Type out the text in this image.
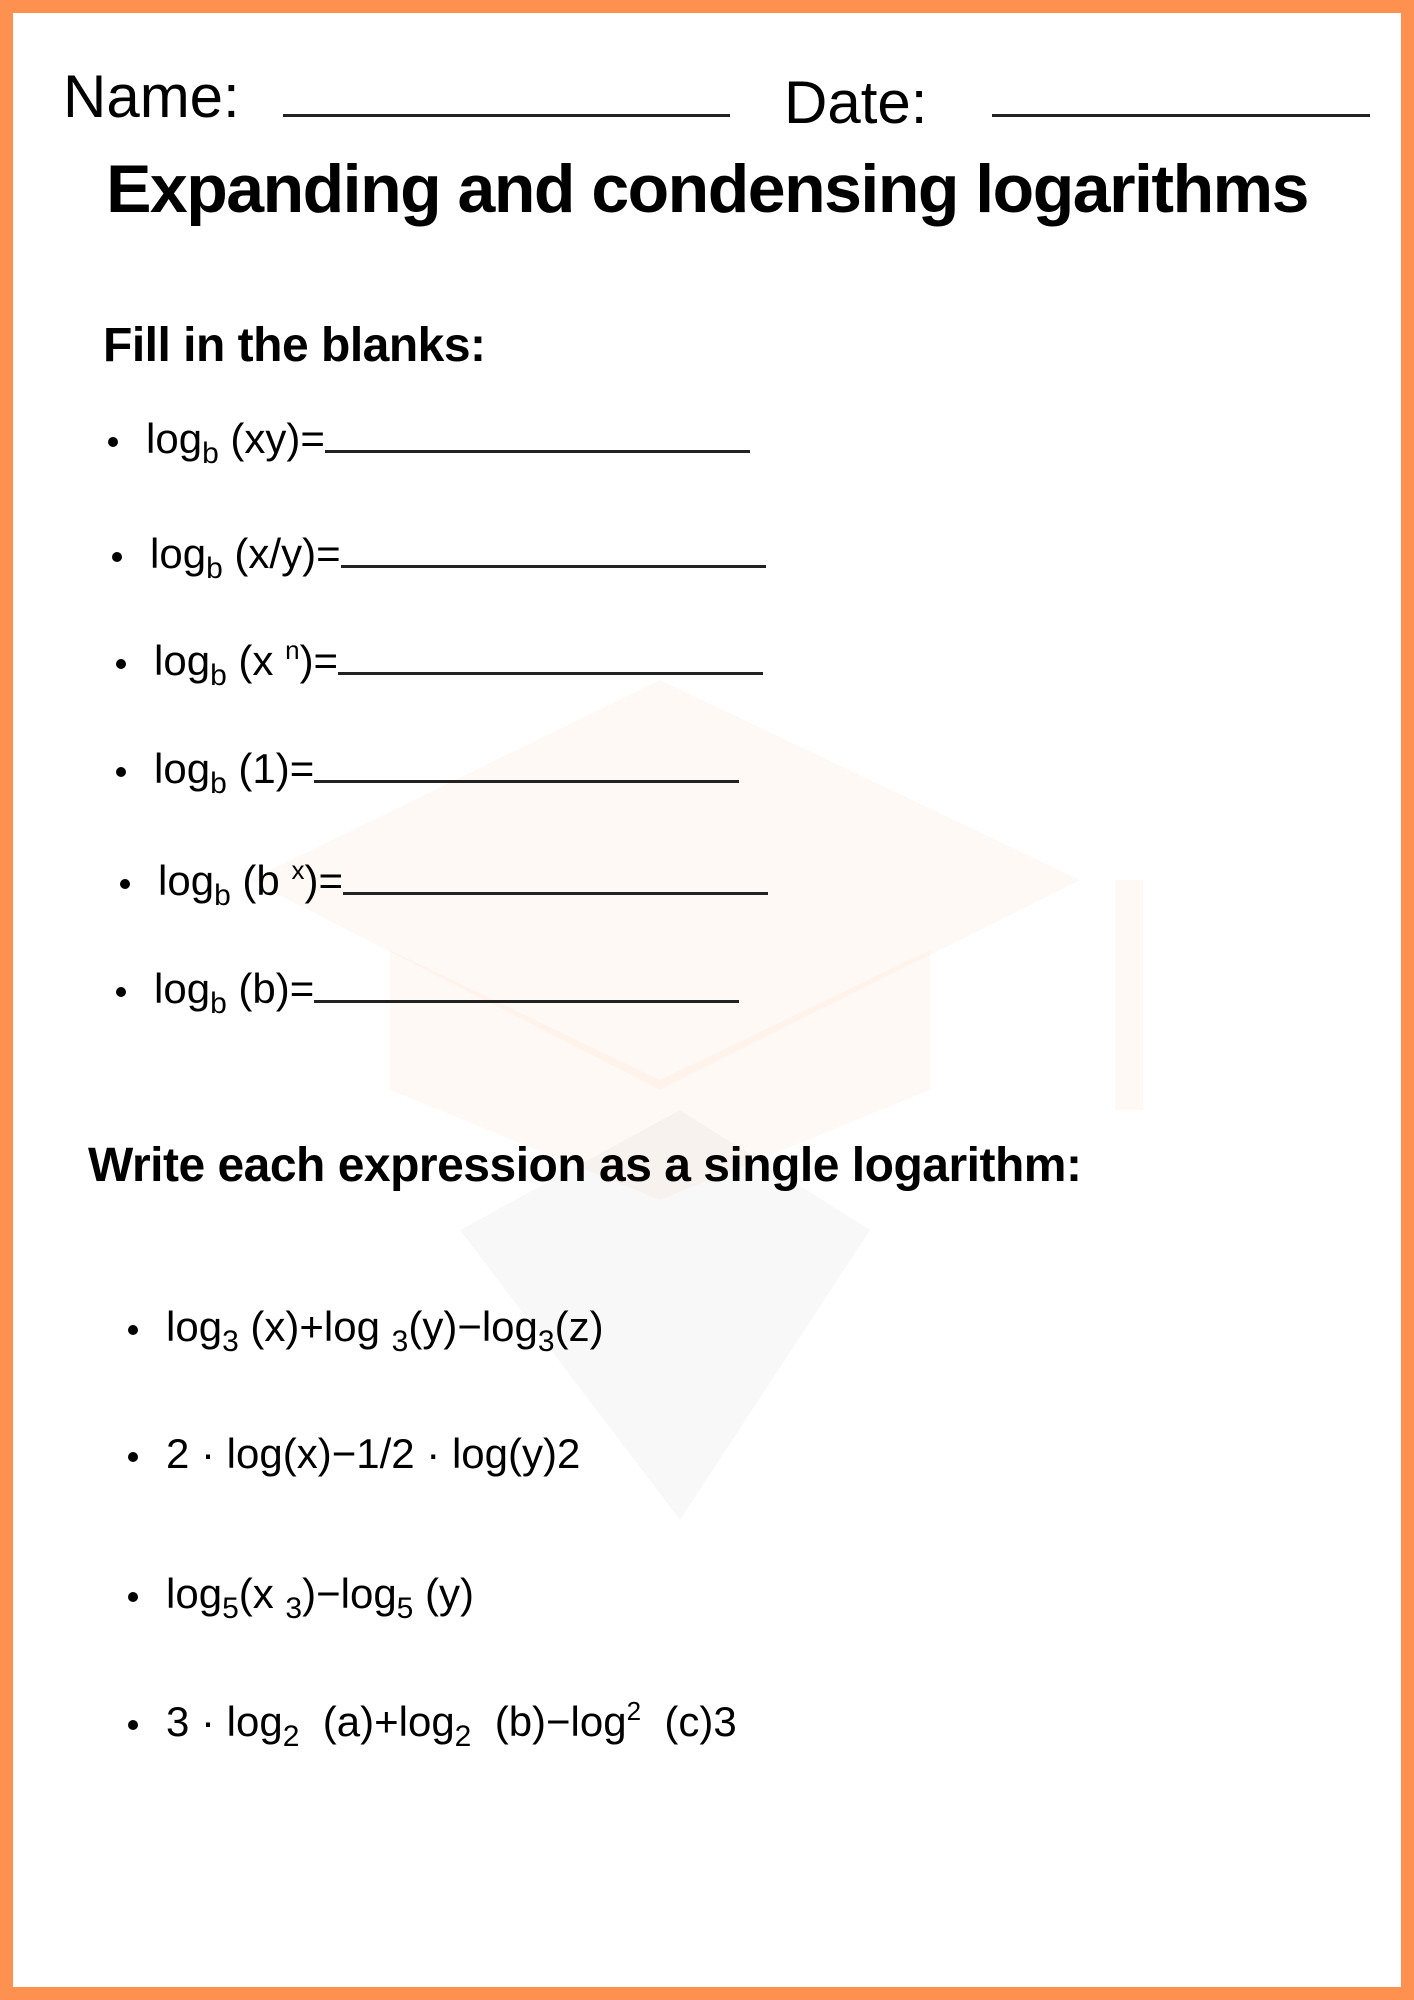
Name:	Date:
Expanding and condensing logarithms
Fill in the blanks:
$\log_b (xy)=$
$\log_b (x/y)=$
$\log_b (x$ $^n$)=
$\log_b (1)=$
$\log_b (b$ $^x$)=
$\log_b (b)=$
Write each expression as a single logarithm:
$\log_3 (x)+\log$ $_3(y)-\log_3(z)$
2 · log(x)−1/2 · log(y)2
$\log_5(x$ $_3)-\log_5$ (y)
$3 \cdot \log_2 (a)+\log_2$ $(b)-\log^2$ (c)3
